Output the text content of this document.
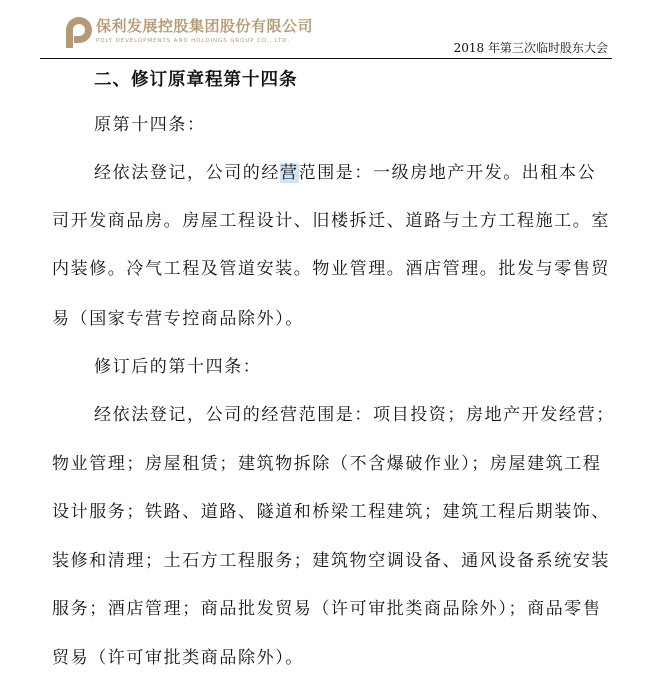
保利发展控股集团股份有限公司
POLY DEVELOPMENTS AND HOLDINGS GROUP CO., LTD.
2018 年第三次临时股东大会
二、修订原章程第十四条
原第十四条：
经依法登记，公司的经营范围是：一级房地产开发。出租本公
司开发商品房。房屋工程设计、旧楼拆迁、道路与土方工程施工。室
内装修。冷气工程及管道安装。物业管理。酒店管理。批发与零售贸
易（国家专营专控商品除外）。
修订后的第十四条：
经依法登记，公司的经营范围是：项目投资；房地产开发经营；
物业管理；房屋租赁；建筑物拆除（不含爆破作业）；房屋建筑工程
设计服务；铁路、道路、隧道和桥梁工程建筑；建筑工程后期装饰、
装修和清理；土石方工程服务；建筑物空调设备、通风设备系统安装
服务；酒店管理；商品批发贸易（许可审批类商品除外）；商品零售
贸易（许可审批类商品除外）。
